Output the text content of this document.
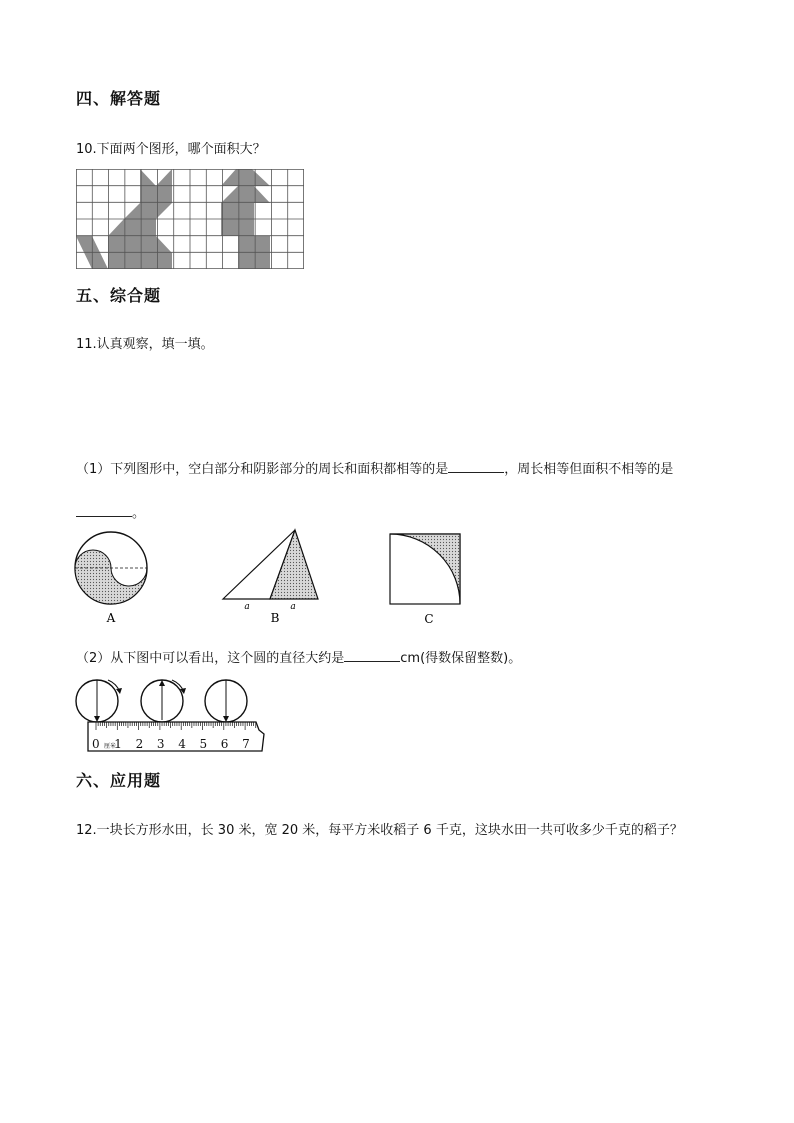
四、解答题
10.下面两个图形，哪个面积大？
五、综合题
11.认真观察，填一填。
（1）下列图形中，空白部分和阴影部分的周长和面积都相等的是	，周长相等但面积不相等的是
。
A
a	a
B	C
（2）从下图中可以看出，这个圆的直径大约是	cm(得数保留整数)。
0 1 2 3 4 5 6 7
厘米
六、应用题
12.一块长方形水田，长 30 米，宽 20 米，每平方米收稻子 6 千克，这块水田一共可收多少千克的稻子？
